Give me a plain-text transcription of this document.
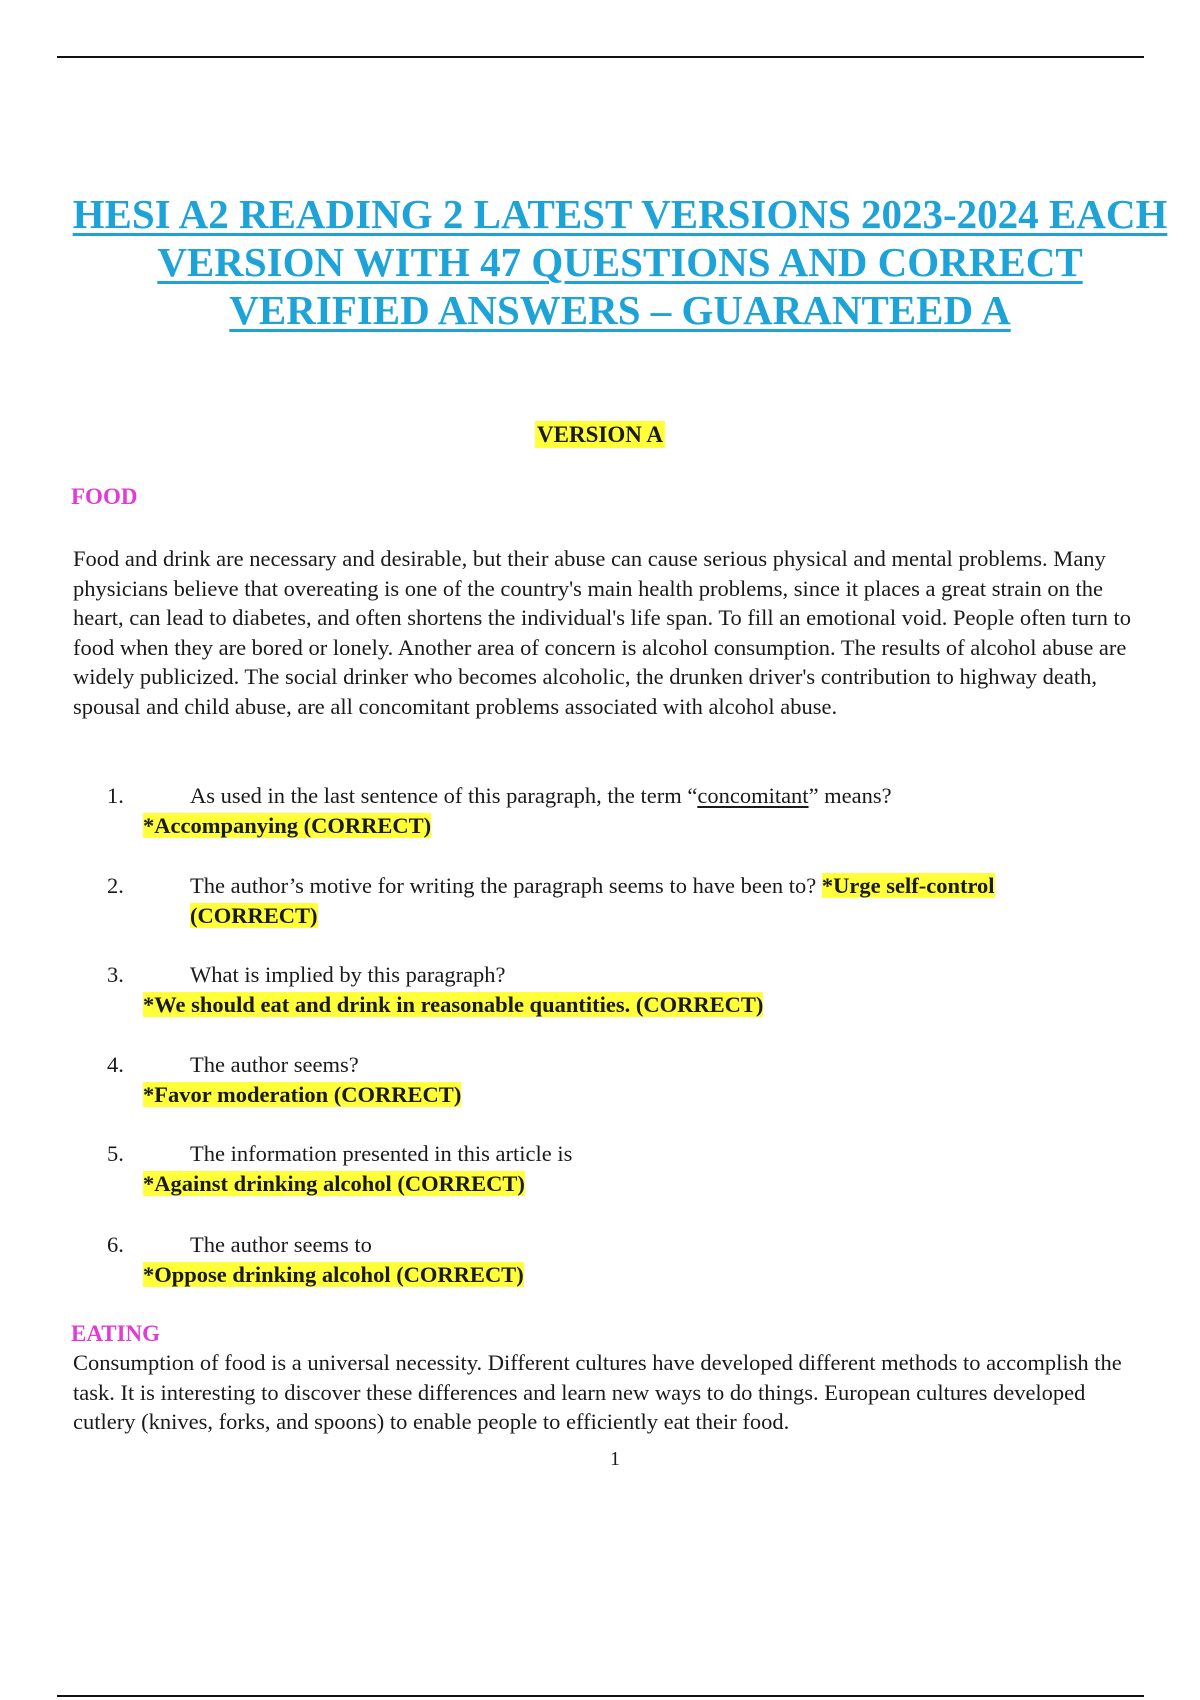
HESI A2 READING 2 LATEST VERSIONS 2023-2024 EACH VERSION WITH 47 QUESTIONS AND CORRECT VERIFIED ANSWERS – GUARANTEED A
VERSION A
FOOD
Food and drink are necessary and desirable, but their abuse can cause serious physical and mental problems. Many physicians believe that overeating is one of the country's main health problems, since it places a great strain on the heart, can lead to diabetes, and often shortens the individual's life span. To fill an emotional void. People often turn to food when they are bored or lonely. Another area of concern is alcohol consumption. The results of alcohol abuse are widely publicized. The social drinker who becomes alcoholic, the drunken driver's contribution to highway death, spousal and child abuse, are all concomitant problems associated with alcohol abuse.
1.	As used in the last sentence of this paragraph, the term “concomitant” means?
*Accompanying (CORRECT)
2.	The author’s motive for writing the paragraph seems to have been to? *Urge self-control
(CORRECT)
3.	What is implied by this paragraph?
*We should eat and drink in reasonable quantities. (CORRECT)
4.	The author seems?
*Favor moderation (CORRECT)
5.	The information presented in this article is
*Against drinking alcohol (CORRECT)
6.	The author seems to
*Oppose drinking alcohol (CORRECT)
EATING
Consumption of food is a universal necessity. Different cultures have developed different methods to accomplish the task. It is interesting to discover these differences and learn new ways to do things. European cultures developed cutlery (knives, forks, and spoons) to enable people to efficiently eat their food.
1
